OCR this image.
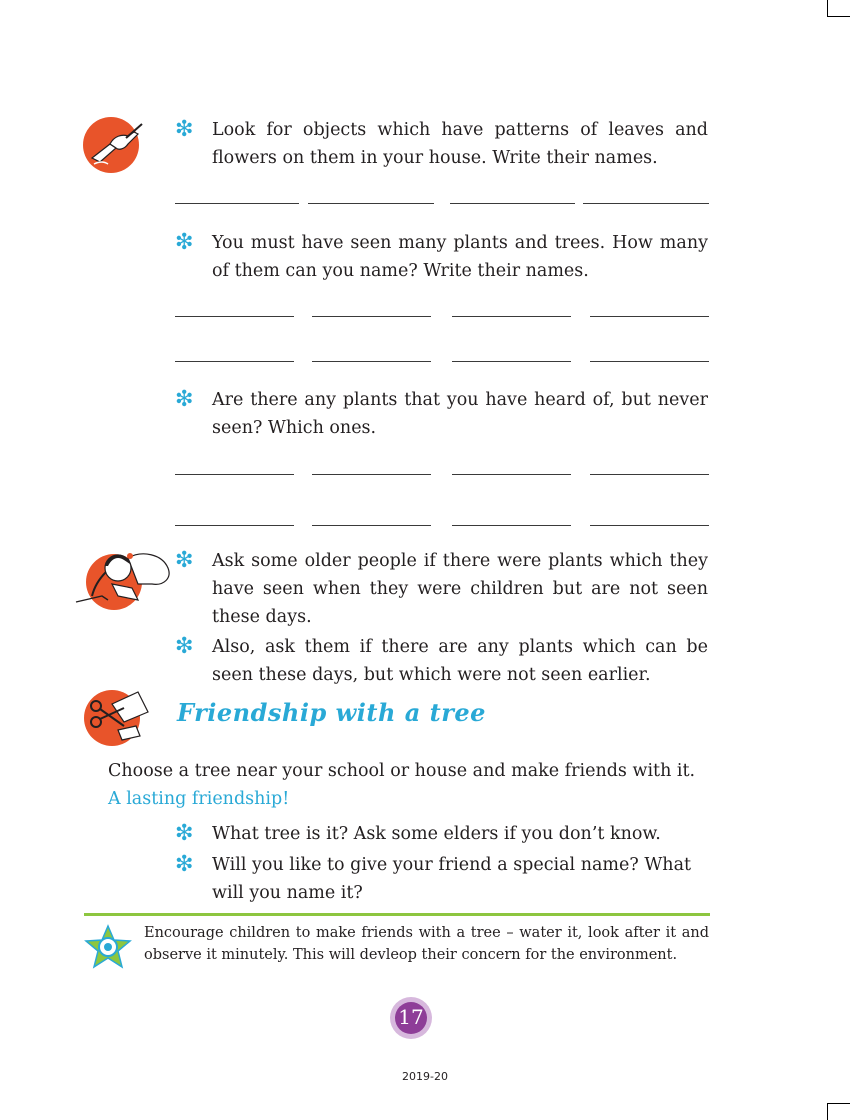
❇ Look for objects which have patterns of leaves and flowers on them in your house. Write their names.
❇ You must have seen many plants and trees. How many of them can you name? Write their names.
❇ Are there any plants that you have heard of, but never seen? Which ones.
❇ Ask some older people if there were plants which they have seen when they were children but are not seen these days.
❇ Also, ask them if there are any plants which can be seen these days, but which were not seen earlier.
Friendship with a tree
Choose a tree near your school or house and make friends with it.
A lasting friendship!
❇ What tree is it? Ask some elders if you don’t know.
❇ Will you like to give your friend a special name? What will you name it?
Encourage children to make friends with a tree – water it, look after it and observe it minutely. This will devleop their concern for the environment.
17
2019-20
